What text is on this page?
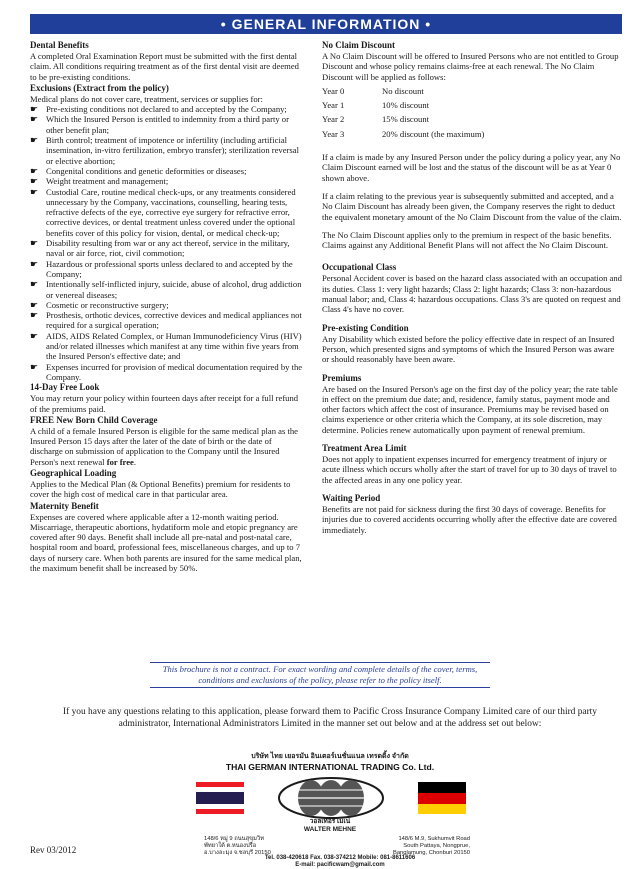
• GENERAL INFORMATION •
Dental Benefits

A completed Oral Examination Report must be submitted with the first dental claim. All conditions requiring treatment as of the first dental visit are deemed to be pre-existing conditions.

Exclusions (Extract from the policy)

Medical plans do not cover care, treatment, services or supplies for:

☛ Pre-existing conditions not declared to and accepted by the Company;
☛ Which the Insured Person is entitled to indemnity from a third party or other benefit plan;
☛ Birth control; treatment of impotence or infertility (including artificial insemination, in-vitro fertilization, embryo transfer); sterilization reversal or elective abortion;
☛ Congenital conditions and genetic deformities or diseases;
☛ Weight treatment and management;
☛ Custodial Care, routine medical check-ups, or any treatments considered unnecessary by the Company, vaccinations, counselling, hearing tests, refractive defects of the eye, corrective eye surgery for refractive error, corrective devices, or dental treatment unless covered under the optional benefits cover of this policy for vision, dental, or medical check-up;
☛ Disability resulting from war or any act thereof, service in the military, naval or air force, riot, civil commotion;
☛ Hazardous or professional sports unless declared to and accepted by the Company;
☛ Intentionally self-inflicted injury, suicide, abuse of alcohol, drug addiction or venereal diseases;
☛ Cosmetic or reconstructive surgery;
☛ Prosthesis, orthotic devices, corrective devices and medical appliances not required for a surgical operation;
☛ AIDS, AIDS Related Complex, or Human Immunodeficiency Virus (HIV) and/or related illnesses which manifest at any time within five years from the Insured Person's effective date; and
☛ Expenses incurred for provision of medical documentation required by the Company.
14-Day Free Look

You may return your policy within fourteen days after receipt for a full refund of the premiums paid.

FREE New Born Child Coverage

A child of a female Insured Person is eligible for the same medical plan as the Insured Person 15 days after the later of the date of birth or the date of discharge on submission of application to the Company until the Insured Person's next renewal for free.

Geographical Loading

Applies to the Medical Plan (& Optional Benefits) premium for residents to cover the high cost of medical care in that particular area.

Maternity Benefit

Expenses are covered where applicable after a 12-month waiting period. Miscarriage, therapeutic abortions, hydatiform mole and etopic pregnancy are covered after 90 days. Benefit shall include all pre-natal and post-natal care, hospital room and board, professional fees, miscellaneous charges, and up to 7 days of nursery care. When both parents are insured for the same medical plan, the maximum benefit shall be increased by 50%.

No Claim Discount

A No Claim Discount will be offered to Insured Persons who are not entitled to Group Discount and whose policy remains claims-free at each renewal. The No Claim Discount will be applied as follows:

Year 0	No discount
Year 1	10% discount
Year 2	15% discount
Year 3	20% discount (the maximum)

If a claim is made by any Insured Person under the policy during a policy year, any No Claim Discount earned will be lost and the status of the discount will be as at Year 0 shown above.

If a claim relating to the previous year is subsequently submitted and accepted, and a No Claim Discount has already been given, the Company reserves the right to deduct the equivalent monetary amount of the No Claim Discount from the value of the claim.

The No Claim Discount applies only to the premium in respect of the basic benefits. Claims against any Additional Benefit Plans will not affect the No Claim Discount.

Occupational Class

Personal Accident cover is based on the hazard class associated with an occupation and its duties. Class 1: very light hazards; Class 2: light hazards; Class 3: non-hazardous manual labor; and, Class 4: hazardous occupations. Class 3's are quoted on request and Class 4's have no cover.

Pre-existing Condition

Any Disability which existed before the policy effective date in respect of an Insured Person, which presented signs and symptoms of which the Insured Person was aware or should reasonably have been aware.

Premiums

Are based on the Insured Person's age on the first day of the policy year; the rate table in effect on the premium due date; and, residence, family status, payment mode and other factors which affect the cost of insurance. Premiums may be revised based on claims experience or other criteria which the Company, at its sole discretion, may determine. Policies renew automatically upon payment of renewal premium.

Treatment Area Limit

Does not apply to inpatient expenses incurred for emergency treatment of injury or acute illness which occurs wholly after the start of travel for up to 30 days of travel to the affected areas in any one policy year.

Waiting Period

Benefits are not paid for sickness during the first 30 days of coverage. Benefits for injuries due to covered accidents occurring wholly after the effective date are covered immediately.

This brochure is not a contract. For exact wording and complete details of the cover, terms, conditions and exclusions of the policy, please refer to the policy itself.
If you have any questions relating to this application, please forward them to Pacific Cross Insurance Company Limited care of our third party administrator, International Administrators Limited in the manner set out below and at the address set out below:
บริษัท ไทย เยอรมัน อินเตอร์เนชั่นแนล เทรดดิ้ง จำกัด
THAI GERMAN INTERNATIONAL TRADING Co. Ltd.
วอลเทอร์ เมเน่
WALTER MEHNE
148/6 หมู่ 9 ถนนสุขุมวิท
พัทยาใต้ ต.หนองปรือ
อ.บางละมุง จ.ชลบุรี 20150
148/6 M.9, Sukhumvit Road
South Pattaya, Nongprue,
Banglamung, Chonburi 20150
Tel. 038-420618 Fax. 038-374212 Mobile: 081-8611606
E-mail: pacificwam@gmail.com
Rev 03/2012
